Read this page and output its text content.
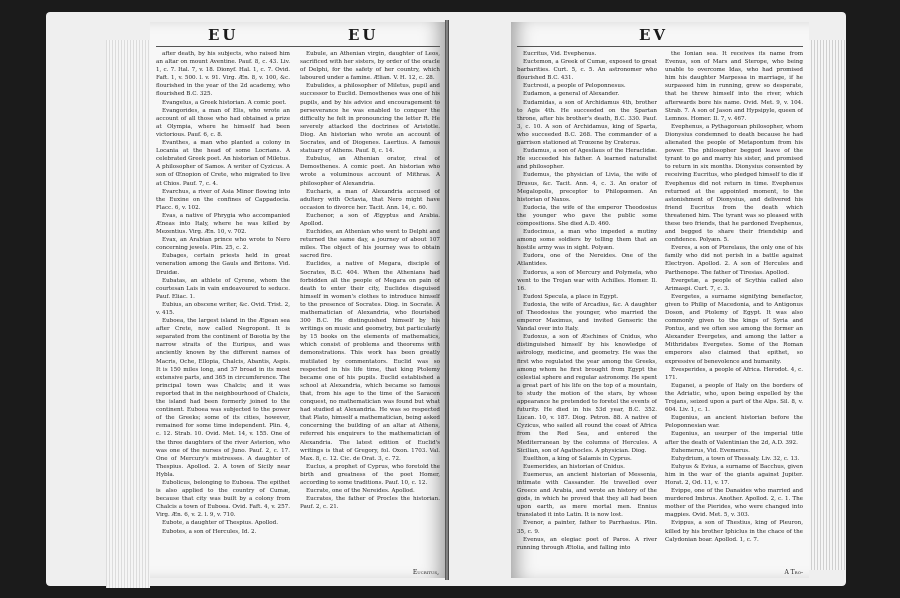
EU	EU

after death, by his subjects, who raised him an altar on mount Aventine. Pauf. 8, c. 43. Liv. 1, c. 7. Ital. 7, v. 18. Dionyf. Hal. 1, c. 7. Ovid. Faft. 1, v. 500. l. v. 91. Virg. Æn. 8, v. 100, &c. flourished in the year of the 2d academy, who flourished B.C. 325.

Evangelus, a Greek historian. A comic poet.

Evangorides, a man of Elis, who wrote an account of all those who had obtained a prize at Olympia, where he himself had been victorious. Pauf. 6, c. 8.

Evanthes, a man who planted a colony in Locania at the head of some Locrians. A celebrated Greek poet. An historian of Miletus. A philosopher of Samos. A writer of Cyzicus. A son of Œnopion of Crete, who migrated to live at Chios. Pauf. 7, c. 4.

Evarchus, a river of Asia Minor flowing into the Euxine on the confines of Cappadocia. Flacc. 6, v. 102.

Evas, a native of Phrygia who accompanied Æneas into Italy, where he was killed by Mezentius. Virg. Æn. 10, v. 702.

Evax, an Arabian prince who wrote to Nero concerning jewels. Plin. 25, c. 2.

Eubages, certain priests held in great veneration among the Gauls and Britons. Vid. Druidæ.

Eubatas, an athlete of Cyrene, whom the courtesan Lais in vain endeavoured to seduce. Pauf. Eliac. 1.

Eubius, an obscene writer, &c. Ovid. Trist. 2, v. 415.

Euboea, the largest island in the Ægean sea after Crete, now called Negropont. It is separated from the continent of Bœotia by the narrow straits of the Euripus, and was anciently known by the different names of Macris, Oche, Ellopia, Chalcis, Abantis, Aspis. It is 150 miles long, and 37 broad in its most extensive parts, and 365 in circumference. The principal town was Chalcis; and it was reported that in the neighbourhood of Chalcis, the island had been formerly joined to the continent. Euboea was subjected to the power of the Greeks; some of its cities, however, remained for some time independent. Plin. 4, c. 12. Strab. 10. Ovid. Met. 14, v. 155. One of the three daughters of the river Asterion, who was one of the nurses of Juno. Pauf. 2, c. 17. One of Mercury's mistresses. A daughter of Thespius. Apollod. 2. A town of Sicily near Hybla.

Eubolicus, belonging to Euboea. The epithet is also applied to the country of Cumæ, because that city was built by a colony from Chalcis a town of Euboea. Ovid. Faft. 4, v. 257. Virg. Æn. 6, v. 2. l. 9, v. 710.

Eubote, a daughter of Thespius. Apollod.

Eubotes, a son of Hercules, Id. 2.

Eubule, an Athenian virgin, daughter of Leos, sacrificed with her sisters, by order of the oracle of Delphi, for the safety of her country, which laboured under a famine. Ælian. V. H. 12, c. 28.

Eubulides, a philosopher of Miletus, pupil and successor to Euclid. Demosthenes was one of his pupils, and by his advice and encouragement to perseverance he was enabled to conquer the difficulty he felt in pronouncing the letter R. He severely attacked the doctrines of Aristotle. Diog. An historian who wrote an account of Socrates, and of Diogenes. Laertius. A famous statuary of Athens. Pauf. 8, c. 14.

Eubulus, an Athenian orator, rival of Demosthenes. A comic poet. An historian who wrote a voluminous account of Mithras. A philosopher of Alexandria.

Eucharis, a man of Alexandria accused of adultery with Octavia, that Nero might have occasion to divorce her. Tacit. Ann. 14, c. 60.

Euchenor, a son of Ægyptus and Arabia. Apollod.

Euchides, an Athenian who went to Delphi and returned the same day, a journey of about 107 miles. The object of his journey was to obtain sacred fire.

Euclides, a native of Megara, disciple of Socrates, B.C. 404. When the Athenians had forbidden all the people of Megara on pain of death to enter their city, Euclides disguised himself in women's clothes to introduce himself to the presence of Socrates. Diog. in Socrate. A mathematician of Alexandria, who flourished 300 B.C. He distinguished himself by his writings on music and geometry, but particularly by 15 books on the elements of mathematics, which consist of problems and theorems with demonstrations. This work has been greatly mutilated by commentators. Euclid was so respected in his life time, that king Ptolemy became one of his pupils. Euclid established a school at Alexandria, which became so famous that, from his age to the time of the Saracen conquest, no mathematician was found but what had studied at Alexandria. He was so respected that Plato, himself a mathematician, being asked concerning the building of an altar at Athens, referred his enquirers to the mathematician of Alexandria. The latest edition of Euclid's writings is that of Gregory, fol. Oxon. 1703. Val. Max. 8, c. 12. Cic. de Orat. 3, c. 72.

Euclus, a prophet of Cyprus, who foretold the birth and greatness of the poet Homer, according to some traditions. Pauf. 10, c. 12.

Eucrate, one of the Nereides. Apollod.

Eucrates, the father of Procles the historian. Pauf. 2, c. 21.

Eucritus,
EV

Eucritus, Vid. Evephenus.

Euctemon, a Greek of Cumæ, exposed to great barbarities. Curt. 5, c. 5. An astronomer who flourished B.C. 431.

Euctresii, a people of Peloponnesus.

Eudamon, a general of Alexander.

Eudamidas, a son of Archidamus 4th, brother to Agis 4th. He succeeded on the Spartan throne, after his brother's death, B.C. 330. Pauf. 3, c. 10. A son of Archidamus, king of Sparta, who succeeded B.C. 268. The commander of a garrison stationed at Trœzene by Craterus.

Eudamus, a son of Agesilaus of the Heraclidæ. He succeeded his father. A learned naturalist and philosopher.

Eudemus, the physician of Livia, the wife of Drusus, &c. Tacit. Ann. 4, c. 3. An orator of Megalopolis, preceptor to Philopœmen. An historian of Naxos.

Eudocia, the wife of the emperor Theodosius the younger who gave the public some compositions. She died A.D. 460.

Eudocimus, a man who impeded a mutiny among some soldiers by telling them that an hostile army was in sight. Polyæn.

Eudora, one of the Nereides. One of the Atlantides.

Eudorus, a son of Mercury and Polymela, who went to the Trojan war with Achilles. Homer. Il. 16.

Eudoxi Specula, a place in Egypt.

Eudoxia, the wife of Arcadius, &c. A daughter of Theodosius the younger, who married the emperor Maximus, and invited Genseric the Vandal over into Italy.

Eudoxus, a son of Æschines of Cnidus, who distinguished himself by his knowledge of astrology, medicine, and geometry. He was the first who regulated the year among the Greeks, among whom he first brought from Egypt the celestial sphere and regular astronomy. He spent a great part of his life on the top of a mountain, to study the motion of the stars, by whose appearance he pretended to foretel the events of futurity. He died in his 53d year, B.C. 352. Lucan. 10, v. 187. Diog. Petron. 88. A native of Cyzicus, who sailed all round the coast of Africa from the Red Sea, and entered the Mediterranean by the columns of Hercules. A Sicilian, son of Agathocles. A physician. Diog.

Euelthon, a king of Salamis in Cyprus.

Euemerides, an historian of Cnidus.

Euemerus, an ancient historian of Messenia, intimate with Cassander. He travelled over Greece and Arabia, and wrote an history of the gods, in which he proved that they all had been upon earth, as mere mortal men. Ennius translated it into Latin. It is now lost.

Evenor, a painter, father to Parrhasius. Plin. 35, c. 9.

Evenus, an elegiac poet of Paros. A river running through Ætolia, and falling into

the Ionian sea. It receives its name from Evenus, son of Mars and Sterope, who being unable to overcome Idas, who had promised him his daughter Marpessa in marriage, if he surpassed him in running, grew so desperate, that he threw himself into the river, which afterwards bore his name. Ovid. Met. 9, v. 104. Strab. 7. A son of Jason and Hypsipyle, queen of Lemnos. Homer. Il. 7, v. 467.

Evephenus, a Pythagorean philosopher, whom Dionysius condemned to death because he had alienated the people of Metapontum from his power. The philosopher begged leave of the tyrant to go and marry his sister, and promised to return in six months. Dionysius consented by receiving Eucritus, who pledged himself to die if Evephenus did not return in time. Evephenus returned at the appointed moment, to the astonishment of Dionysius, and delivered his friend Eucritus from the death which threatened him. The tyrant was so pleased with these two friends, that he pardoned Evephenus, and begged to share their friendship and confidence. Polyæn. 5.

Everes, a son of Pterelaus, the only one of his family who did not perish in a battle against Electryon. Apollod. 2. A son of Hercules and Parthenope. The father of Tiresias. Apollod.

Evergetæ, a people of Scythia called also Arimaspi. Curt. 7, c. 3.

Evergetes, a surname signifying benefactor, given to Philip of Macedonia, and to Antigonus Doson, and Ptolemy of Egypt. It was also commonly given to the kings of Syria and Pontus, and we often see among the former an Alexander Evergetes, and among the latter a Mithridates Evergetes. Some of the Roman emperors also claimed that epithet, so expressive of benevolence and humanity.

Evesperides, a people of Africa. Herodot. 4, c. 171.

Euganei, a people of Italy on the borders of the Adriatic, who, upon being expelled by the Trojans, seized upon a part of the Alps. Sil. 8, v. 604. Liv. 1, c. 1.

Eugenius, an ancient historian before the Peloponnesian war.

Eugenius, an usurper of the imperial title after the death of Valentinian the 2d, A.D. 392.

Euhemerus, Vid. Evemerus.

Euhydrium, a town of Thessaly. Liv. 32, c. 13.

Euhyus & Evius, a surname of Bacchus, given him in the war of the giants against Jupiter. Horat. 2, Od. 11, v. 17.

Evippe, one of the Danaides who married and murdered Imbrus. Another. Apollod. 2, c. 1. The mother of the Pierides, who were changed into magpies. Ovid. Met. 5, v. 303.

Evippus, a son of Thestius, king of Pleuron, killed by his brother Iphiclus in the chace of the Calydonian boar. Apollod. 1, c. 7.

A Tro-
